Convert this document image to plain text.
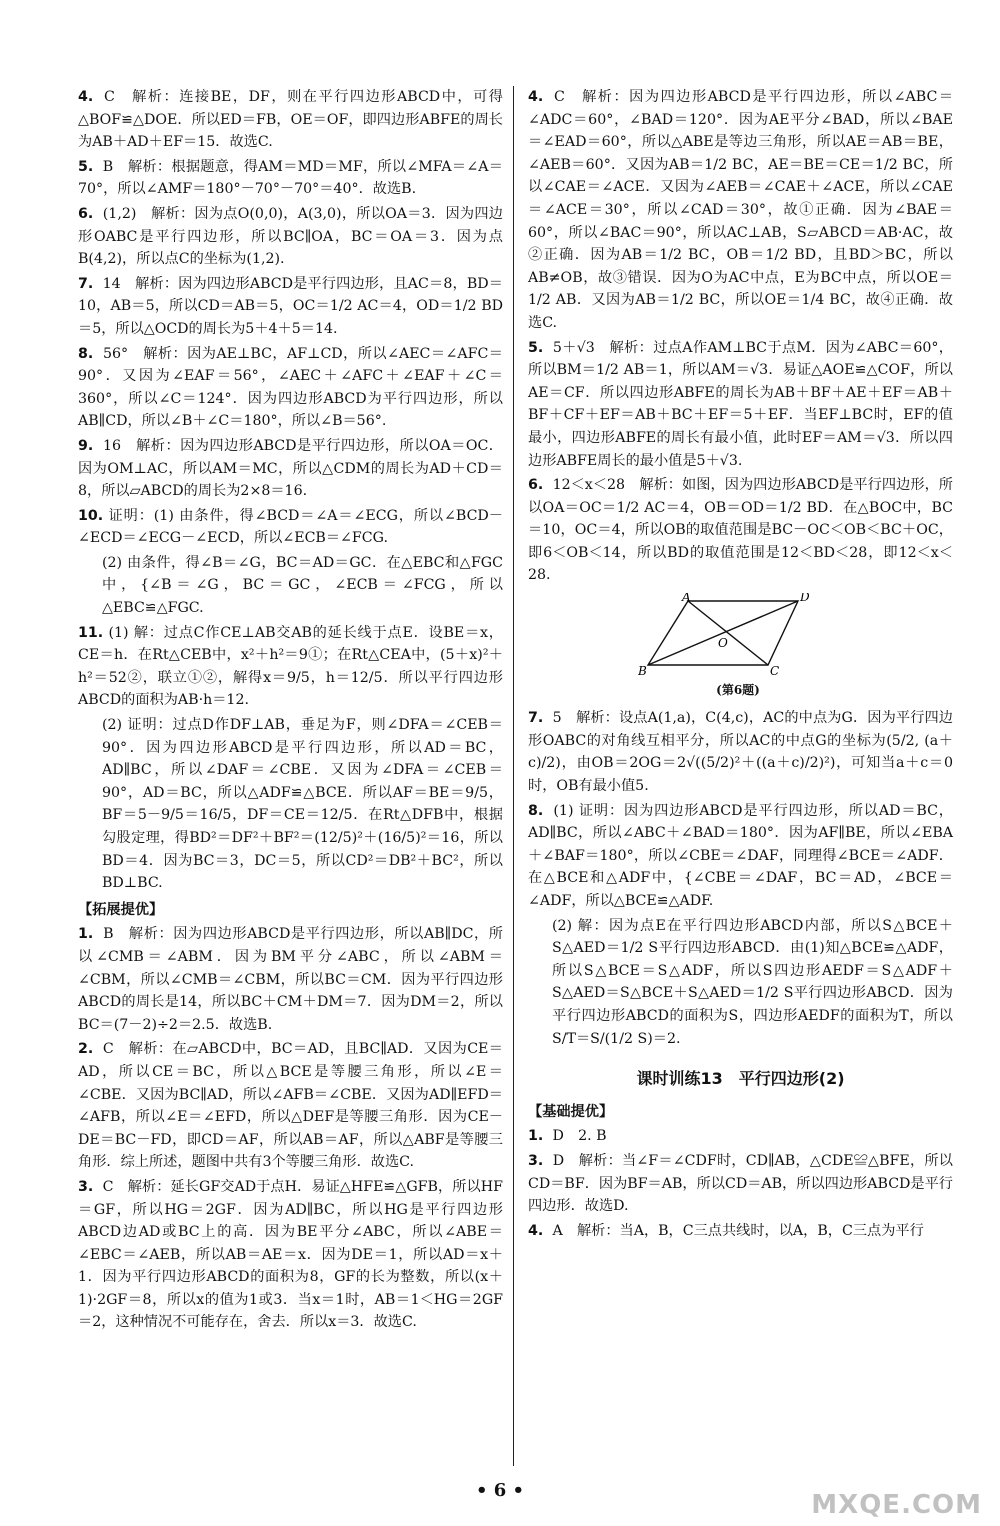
4. C　解析：连接BE，DF，则在平行四边形ABCD中，可得△BOF≌△DOE．所以ED＝FB，OE＝OF，即四边形ABFE的周长为AB＋AD＋EF＝15．故选C.
5. B　解析：根据题意，得AM＝MD＝MF，所以∠MFA＝∠A＝70°，所以∠AMF＝180°－70°－70°＝40°．故选B.
6. (1,2)　解析：因为点O(0,0)，A(3,0)，所以OA＝3．因为四边形OABC是平行四边形，所以BC∥OA，BC＝OA＝3．因为点B(4,2)，所以点C的坐标为(1,2).
7. 14　解析：因为四边形ABCD是平行四边形，且AC＝8，BD＝10，AB＝5，所以CD＝AB＝5，OC＝1/2 AC＝4，OD＝1/2 BD＝5，所以△OCD的周长为5＋4＋5＝14.
8. 56°　解析：因为AE⊥BC，AF⊥CD，所以∠AEC＝∠AFC＝90°．又因为∠EAF＝56°，∠AEC＋∠AFC＋∠EAF＋∠C＝360°，所以∠C＝124°．因为四边形ABCD为平行四边形，所以AB∥CD，所以∠B＋∠C＝180°，所以∠B＝56°.
9. 16　解析：因为四边形ABCD是平行四边形，所以OA＝OC．因为OM⊥AC，所以AM＝MC，所以△CDM的周长为AD＋CD＝8，所以▱ABCD的周长为2×8＝16.
10. 证明：(1) 由条件，得∠BCD＝∠A＝∠ECG，所以∠BCD－∠ECD＝∠ECG－∠ECD，所以∠ECB＝∠FCG.
(2) 由条件，得∠B＝∠G，BC＝AD＝GC．在△EBC和△FGC中，{∠B＝∠G，BC＝GC，∠ECB＝∠FCG，所以△EBC≌△FGC.
11. (1) 解：过点C作CE⊥AB交AB的延长线于点E．设BE＝x，CE＝h．在Rt△CEB中，x²＋h²＝9①；在Rt△CEA中，(5＋x)²＋h²＝52②，联立①②，解得x＝9/5，h＝12/5．所以平行四边形ABCD的面积为AB·h＝12.
(2) 证明：过点D作DF⊥AB，垂足为F，则∠DFA＝∠CEB＝90°．因为四边形ABCD是平行四边形，所以AD＝BC，AD∥BC，所以∠DAF＝∠CBE．又因为∠DFA＝∠CEB＝90°，AD＝BC，所以△ADF≌△BCE．所以AF＝BE＝9/5，BF＝5－9/5＝16/5，DF＝CE＝12/5．在Rt△DFB中，根据勾股定理，得BD²＝DF²＋BF²＝(12/5)²＋(16/5)²＝16，所以BD＝4．因为BC＝3，DC＝5，所以CD²＝DB²＋BC²，所以BD⊥BC.
【拓展提优】
1. B　解析：因为四边形ABCD是平行四边形，所以AB∥DC，所以∠CMB＝∠ABM．因为BM平分∠ABC，所以∠ABM＝∠CBM，所以∠CMB＝∠CBM，所以BC＝CM．因为平行四边形ABCD的周长是14，所以BC＋CM＋DM＝7．因为DM＝2，所以BC＝(7－2)÷2＝2.5．故选B.
2. C　解析：在▱ABCD中，BC＝AD，且BC∥AD．又因为CE＝AD，所以CE＝BC，所以△BCE是等腰三角形，所以∠E＝∠CBE．又因为BC∥AD，所以∠AFB＝∠CBE．又因为AD∥EFD＝∠AFB，所以∠E＝∠EFD，所以△DEF是等腰三角形．因为CE－DE＝BC－FD，即CD＝AF，所以AB＝AF，所以△ABF是等腰三角形．综上所述，题图中共有3个等腰三角形．故选C.
3. C　解析：延长GF交AD于点H．易证△HFE≌△GFB，所以HF＝GF，所以HG＝2GF．因为AD∥BC，所以HG是平行四边形ABCD边AD或BC上的高．因为BE平分∠ABC，所以∠ABE＝∠EBC＝∠AEB，所以AB＝AE＝x．因为DE＝1，所以AD＝x＋1．因为平行四边形ABCD的面积为8，GF的长为整数，所以(x＋1)·2GF＝8，所以x的值为1或3．当x＝1时，AB＝1＜HG＝2GF＝2，这种情况不可能存在，舍去．所以x＝3．故选C.
4. C　解析：因为四边形ABCD是平行四边形，所以∠ABC＝∠ADC＝60°，∠BAD＝120°．因为AE平分∠BAD，所以∠BAE＝∠EAD＝60°，所以△ABE是等边三角形，所以AE＝AB＝BE，∠AEB＝60°．又因为AB＝1/2 BC，AE＝BE＝CE＝1/2 BC，所以∠CAE＝∠ACE．又因为∠AEB＝∠CAE＋∠ACE，所以∠CAE＝∠ACE＝30°，所以∠CAD＝30°，故①正确．因为∠BAE＝60°，所以∠BAC＝90°，所以AC⊥AB，S▱ABCD＝AB·AC，故②正确．因为AB＝1/2 BC，OB＝1/2 BD，且BD＞BC，所以AB≠OB，故③错误．因为O为AC中点，E为BC中点，所以OE＝1/2 AB．又因为AB＝1/2 BC，所以OE＝1/4 BC，故④正确．故选C.
5. 5＋√3　解析：过点A作AM⊥BC于点M．因为∠ABC＝60°，所以BM＝1/2 AB＝1，所以AM＝√3．易证△AOE≌△COF，所以AE＝CF．所以四边形ABFE的周长为AB＋BF＋AE＋EF＝AB＋BF＋CF＋EF＝AB＋BC＋EF＝5＋EF．当EF⊥BC时，EF的值最小，四边形ABFE的周长有最小值，此时EF＝AM＝√3．所以四边形ABFE周长的最小值是5＋√3.
6. 12＜x＜28　解析：如图，因为四边形ABCD是平行四边形，所以OA＝OC＝1/2 AC＝4，OB＝OD＝1/2 BD．在△BOC中，BC＝10，OC＝4，所以OB的取值范围是BC－OC＜OB＜BC＋OC，即6＜OB＜14，所以BD的取值范围是12＜BD＜28，即12＜x＜28.
A	D
B	C
O
(第6题)
7. 5　解析：设点A(1,a)，C(4,c)，AC的中点为G．因为平行四边形OABC的对角线互相平分，所以AC的中点G的坐标为(5/2, (a＋c)/2)，由OB＝2OG＝2√((5/2)²＋((a＋c)/2)²)，可知当a＋c＝0时，OB有最小值5.
8. (1) 证明：因为四边形ABCD是平行四边形，所以AD＝BC，AD∥BC，所以∠ABC＋∠BAD＝180°．因为AF∥BE，所以∠EBA＋∠BAF＝180°，所以∠CBE＝∠DAF，同理得∠BCE＝∠ADF．在△BCE和△ADF中，{∠CBE＝∠DAF，BC＝AD，∠BCE＝∠ADF，所以△BCE≌△ADF.
(2) 解：因为点E在平行四边形ABCD内部，所以S△BCE＋S△AED＝1/2 S平行四边形ABCD．由(1)知△BCE≌△ADF，所以S△BCE＝S△ADF，所以S四边形AEDF＝S△ADF＋S△AED＝S△BCE＋S△AED＝1/2 S平行四边形ABCD．因为平行四边形ABCD的面积为S，四边形AEDF的面积为T，所以S/T＝S/(1/2 S)＝2.
课时训练13　平行四边形(2)
【基础提优】
1. D　2. B
3. D　解析：当∠F＝∠CDF时，CD∥AB，△CDE≌△BFE，所以CD＝BF．因为BF＝AB，所以CD＝AB，所以四边形ABCD是平行四边形．故选D.
4. A　解析：当A，B，C三点共线时，以A，B，C三点为平行
• 6 •	MXQE.COM
